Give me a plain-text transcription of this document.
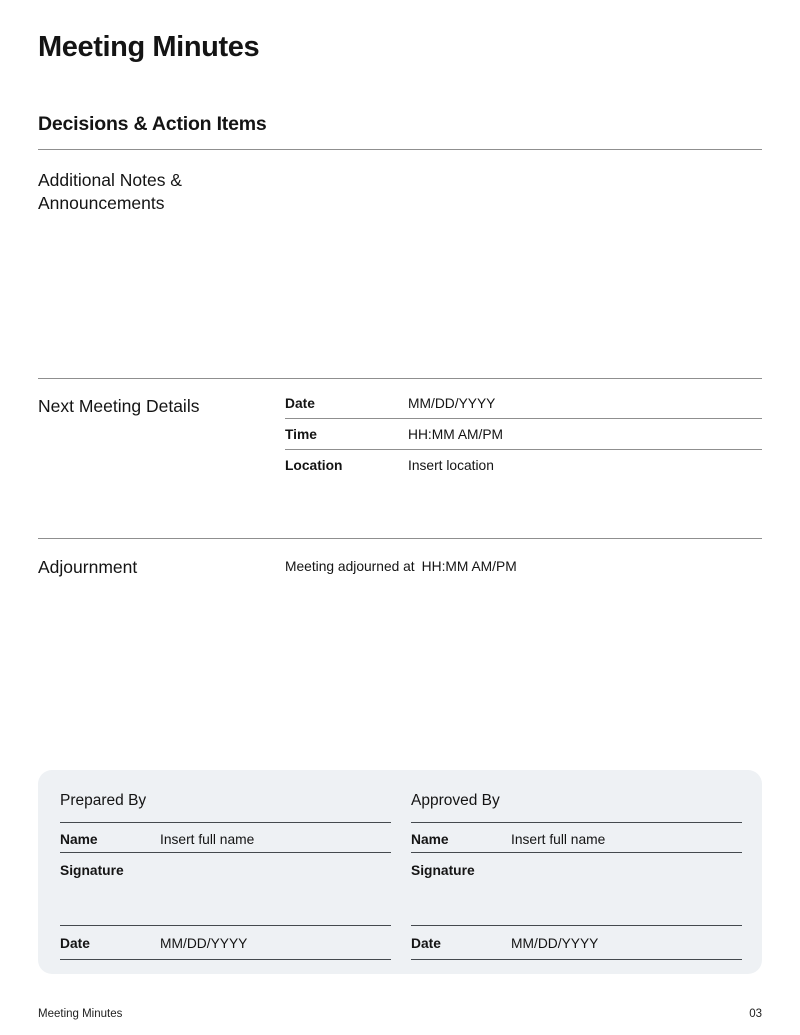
Meeting Minutes
Decisions & Action Items
Additional Notes & Announcements
Next Meeting Details	Date	MM/DD/YYYY
Time	HH:MM AM/PM
Location	Insert location
Adjournment	Meeting adjourned at HH:MM AM/PM
Prepared By
Name	Insert full name
Signature
Date	MM/DD/YYYY
Approved By
Name	Insert full name
Signature
Date	MM/DD/YYYY
Meeting Minutes	03
